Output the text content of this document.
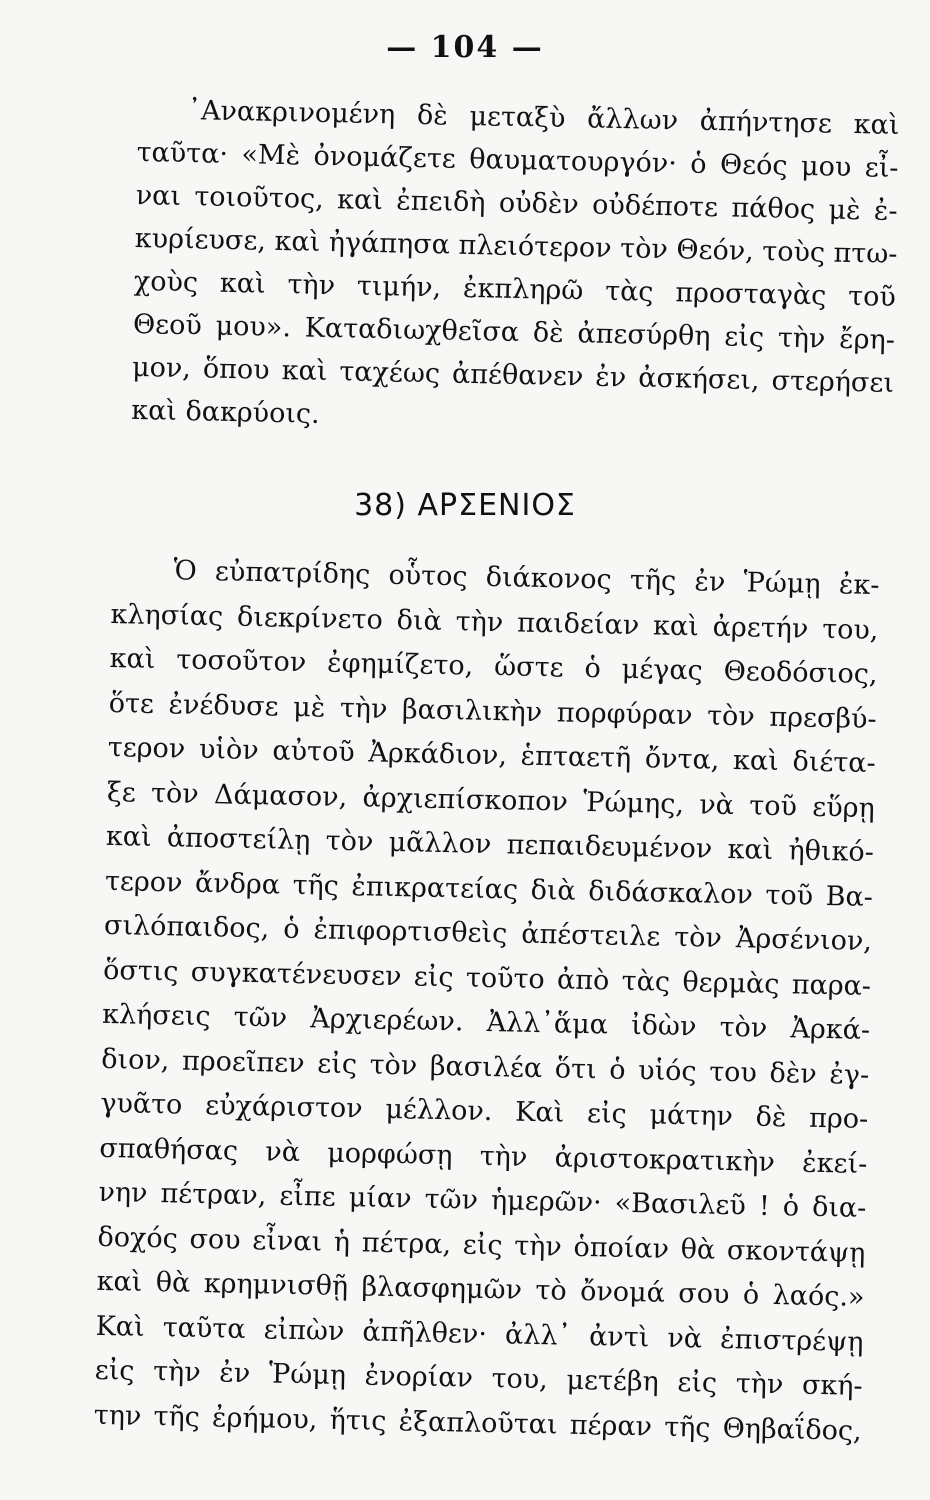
— 104 —
᾿Ανακρινομένη δὲ μεταξὺ ἄλλων ἀπήντησε καὶ
ταῦτα· «Μὲ ὀνομάζετε θαυματουργόν· ὁ Θεός μου εἶ-
ναι τοιοῦτος, καὶ ἐπειδὴ οὐδὲν οὐδέποτε πάθος μὲ ἐ-
κυρίευσε, καὶ ἠγάπησα πλειότερον τὸν Θεόν, τοὺς πτω-
χοὺς καὶ τὴν τιμήν, ἐκπληρῶ τὰς προσταγὰς τοῦ
Θεοῦ μου». Καταδιωχθεῖσα δὲ ἀπεσύρθη εἰς τὴν ἔρη-
μον, ὅπου καὶ ταχέως ἀπέθανεν ἐν ἀσκήσει, στερήσει
καὶ δακρύοις.
38) ΑΡΣΕΝΙΟΣ
Ὁ εὐπατρίδης οὗτος διάκονος τῆς ἐν Ῥώμῃ ἐκ-
κλησίας διεκρίνετο διὰ τὴν παιδείαν καὶ ἀρετήν του,
καὶ τοσοῦτον ἐφημίζετο, ὥστε ὁ μέγας Θεοδόσιος,
ὅτε ἐνέδυσε μὲ τὴν βασιλικὴν πορφύραν τὸν πρεσβύ-
τερον υἱὸν αὐτοῦ Ἀρκάδιον, ἑπταετῆ ὄντα, καὶ διέτα-
ξε τὸν Δάμασον, ἀρχιεπίσκοπον Ῥώμης, νὰ τοῦ εὕρῃ
καὶ ἀποστείλῃ τὸν μᾶλλον πεπαιδευμένον καὶ ἠθικό-
τερον ἄνδρα τῆς ἐπικρατείας διὰ διδάσκαλον τοῦ Βα-
σιλόπαιδος, ὁ ἐπιφορτισθεὶς ἀπέστειλε τὸν Ἀρσένιον,
ὅστις συγκατένευσεν εἰς τοῦτο ἀπὸ τὰς θερμὰς παρα-
κλήσεις τῶν Ἀρχιερέων. Ἀλλ᾿ἅμα ἰδὼν τὸν Ἀρκά-
διον, προεῖπεν εἰς τὸν βασιλέα ὅτι ὁ υἱός του δὲν ἐγ-
γυᾶτο εὐχάριστον μέλλον. Καὶ εἰς μάτην δὲ προ-
σπαθήσας νὰ μορφώσῃ τὴν ἀριστοκρατικὴν ἐκεί-
νην πέτραν, εἶπε μίαν τῶν ἡμερῶν· «Βασιλεῦ ! ὁ δια-
δοχός σου εἶναι ἡ πέτρα, εἰς τὴν ὁποίαν θὰ σκοντάψῃ
καὶ θὰ κρημνισθῇ βλασφημῶν τὸ ὄνομά σου ὁ λαός.»
Καὶ ταῦτα εἰπὼν ἀπῆλθεν· ἀλλ᾿ ἀντὶ νὰ ἐπιστρέψῃ
εἰς τὴν ἐν Ῥώμῃ ἐνορίαν του, μετέβη εἰς τὴν σκή-
την τῆς ἐρήμου, ἥτις ἐξαπλοῦται πέραν τῆς Θηβαΐδος,
